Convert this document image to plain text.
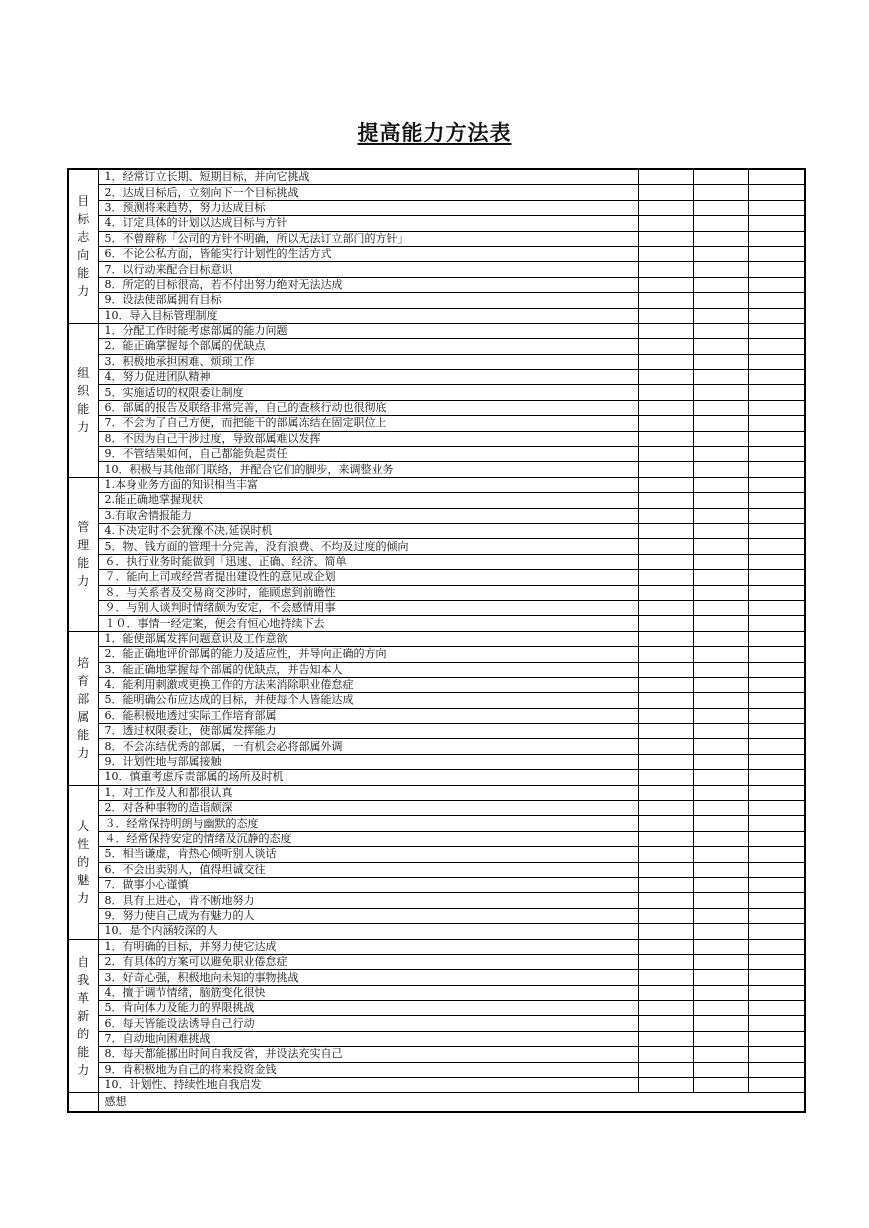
提高能力方法表
目标志向能力	1．经常订立长期、短期目标，并向它挑战			
	2．达成目标后，立刻向下一个目标挑战			
	3．预测将来趋势，努力达成目标			
	4．订定具体的计划以达成目标与方针			
	5．不曾辩称「公司的方针不明确，所以无法订立部门的方针」			
	6．不论公私方面，皆能实行计划性的生活方式			
	7．以行动来配合目标意识			
	8．所定的目标很高，若不付出努力绝对无法达成			
	9．设法使部属拥有目标			
	10．导入目标管理制度			
组织能力	1．分配工作时能考虑部属的能力问题			
	2．能正确掌握每个部属的优缺点			
	3．积极地承担困难、烦琐工作			
	4．努力促进团队精神			
	5．实施适切的权限委让制度			
	6．部属的报告及联络非常完善，自己的查核行动也很彻底			
	7．不会为了自己方便，而把能干的部属冻结在固定职位上			
	8．不因为自己干涉过度，导致部属难以发挥			
	9．不管结果如何，自己都能负起责任			
	10．积极与其他部门联络，并配合它们的脚步，来调整业务			
管理能力	1.本身业务方面的知识相当丰富			
	2.能正确地掌握现状			
	3.有取舍情报能力			
	4.下决定时不会犹豫不决,延误时机			
	5．物、钱方面的管理十分完善，没有浪费、不均及过度的倾向			
	６．执行业务时能做到「迅速、正确、经济、简单			
	７．能向上司或经营者提出建设性的意见或企划			
	８．与关系者及交易商交涉时，能顾虑到前瞻性			
	９．与别人谈判时情绪颇为安定，不会感情用事			
	１０．事情一经定案，便会有恒心地持续下去			
培育部属能力	1．能使部属发挥问题意识及工作意欲			
	2．能正确地评价部属的能力及适应性，并导向正确的方向			
	3．能正确地掌握每个部属的优缺点，并告知本人			
	4．能利用刺激或更换工作的方法来消除职业倦怠症			
	5．能明确公布应达成的目标，并使每个人皆能达成			
	6．能积极地透过实际工作培育部属			
	7．透过权限委让，使部属发挥能力			
	8．不会冻结优秀的部属，一有机会必将部属外调			
	9．计划性地与部属接触			
	10．慎重考虑斥责部属的场所及时机			
人性的魅力	1．对工作及人和都很认真			
	2．对各种事物的造诣颇深			
	３．经常保持明朗与幽默的态度			
	４．经常保持安定的情绪及沉静的态度			
	5．相当谦虚，肯热心倾听别人谈话			
	6．不会出卖别人，值得坦诚交往			
	7．做事小心谨慎			
	8．具有上进心，肯不断地努力			
	9．努力使自己成为有魅力的人			
	10．是个内涵较深的人			
自我革新的能力	1．有明确的目标，并努力使它达成			
	2．有具体的方案可以避免职业倦怠症			
	3．好奇心强，积极地向未知的事物挑战			
	4．擅于调节情绪，脑筋变化很快			
	5．肯向体力及能力的界限挑战			
	6．每天皆能设法诱导自己行动			
	7．自动地向困难挑战			
	8．每天都能挪出时间自我反省，并设法充实自己			
	9．肯积极地为自己的将来投资金钱			
	10．计划性、持续性地自我启发			
	感想			
